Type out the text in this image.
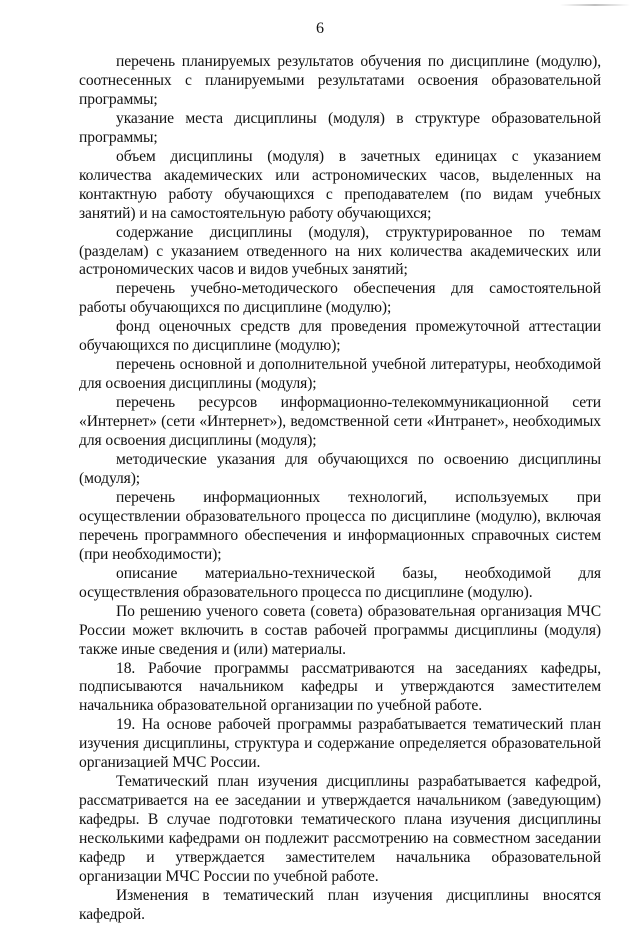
6

перечень планируемых результатов обучения по дисциплине (модулю), соотнесенных с планируемыми результатами освоения образовательной программы;

указание места дисциплины (модуля) в структуре образовательной программы;

объем дисциплины (модуля) в зачетных единицах с указанием количества академических или астрономических часов, выделенных на контактную работу обучающихся с преподавателем (по видам учебных занятий) и на самостоятельную работу обучающихся;

содержание дисциплины (модуля), структурированное по темам (разделам) с указанием отведенного на них количества академических или астрономических часов и видов учебных занятий;

перечень учебно-методического обеспечения для самостоятельной работы обучающихся по дисциплине (модулю);

фонд оценочных средств для проведения промежуточной аттестации обучающихся по дисциплине (модулю);

перечень основной и дополнительной учебной литературы, необходимой для освоения дисциплины (модуля);

перечень ресурсов информационно-телекоммуникационной сети «Интернет» (сети «Интернет»), ведомственной сети «Интранет», необходимых для освоения дисциплины (модуля);

методические указания для обучающихся по освоению дисциплины (модуля);

перечень информационных технологий, используемых при осуществлении образовательного процесса по дисциплине (модулю), включая перечень программного обеспечения и информационных справочных систем (при необходимости);

описание материально-технической базы, необходимой для осуществления образовательного процесса по дисциплине (модулю).

По решению ученого совета (совета) образовательная организация МЧС России может включить в состав рабочей программы дисциплины (модуля) также иные сведения и (или) материалы.

18. Рабочие программы рассматриваются на заседаниях кафедры, подписываются начальником кафедры и утверждаются заместителем начальника образовательной организации по учебной работе.

19. На основе рабочей программы разрабатывается тематический план изучения дисциплины, структура и содержание определяется образовательной организацией МЧС России.

Тематический план изучения дисциплины разрабатывается кафедрой, рассматривается на ее заседании и утверждается начальником (заведующим) кафедры. В случае подготовки тематического плана изучения дисциплины несколькими кафедрами он подлежит рассмотрению на совместном заседании кафедр и утверждается заместителем начальника образовательной организации МЧС России по учебной работе.

Изменения в тематический план изучения дисциплины вносятся кафедрой.
